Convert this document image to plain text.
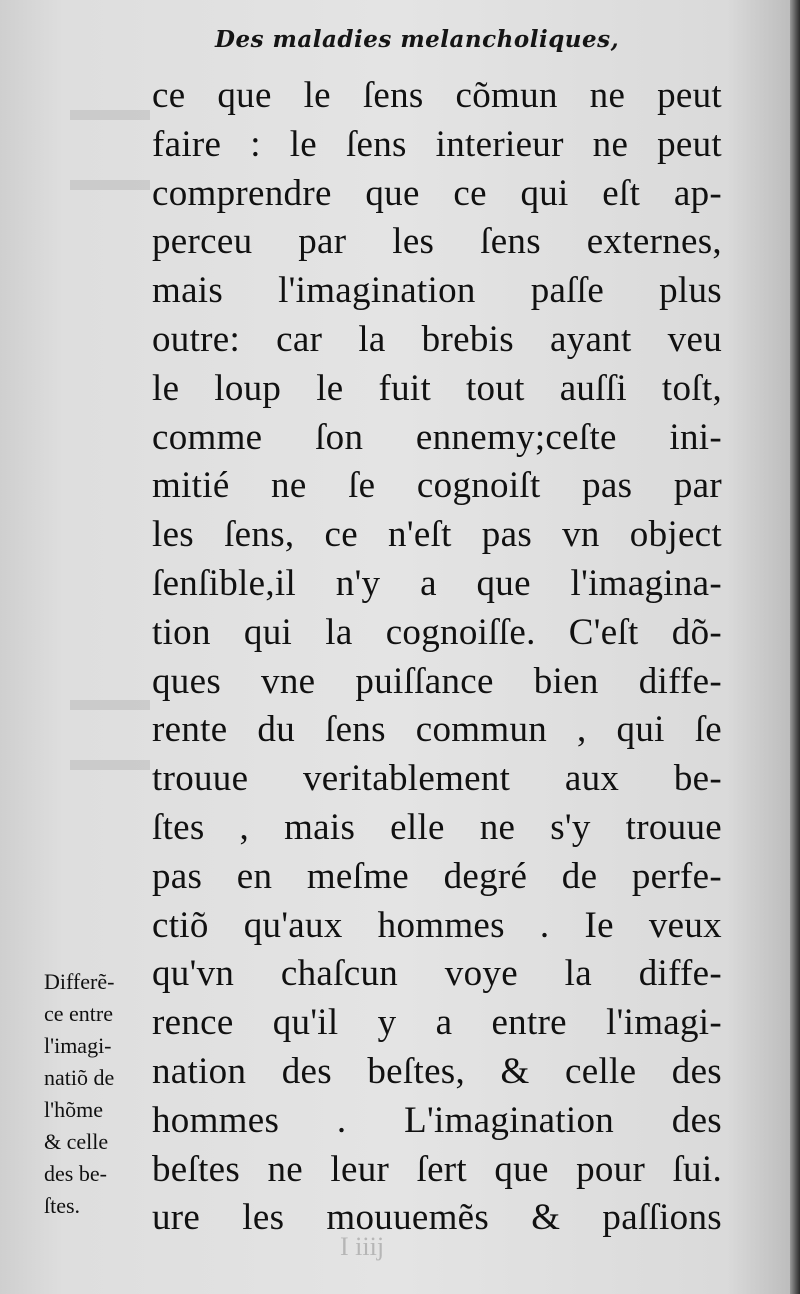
Des maladies melancholiques,
ce que le ſens cõmun ne peut
faire : le ſens interieur ne peut
comprendre que ce qui eſt ap-
perceu par les ſens externes,
mais l'imagination paſſe plus
outre: car la brebis ayant veu
le loup le fuit tout auſſi toſt,
comme ſon ennemy;ceſte ini-
mitié ne ſe cognoiſt pas par
les ſens, ce n'eſt pas vn object
ſenſible,il n'y a que l'imagina-
tion qui la cognoiſſe. C'eſt dõ-
ques vne puiſſance bien diffe-
rente du ſens commun , qui ſe
trouue veritablement aux be-
ſtes , mais elle ne s'y trouue
pas en meſme degré de perfe-
ctiõ qu'aux hommes . Ie veux
qu'vn chaſcun voye la diffe-
rence qu'il y a entre l'imagi-
nation des beſtes, & celle des
hommes . L'imagination des
beſtes ne leur ſert que pour ſui.
ure les mouuemẽs & paſſions
Differẽ-
ce entre
l'imagi-
natiõ de
l'hõme
& celle
des be-
ſtes.
I iiij
